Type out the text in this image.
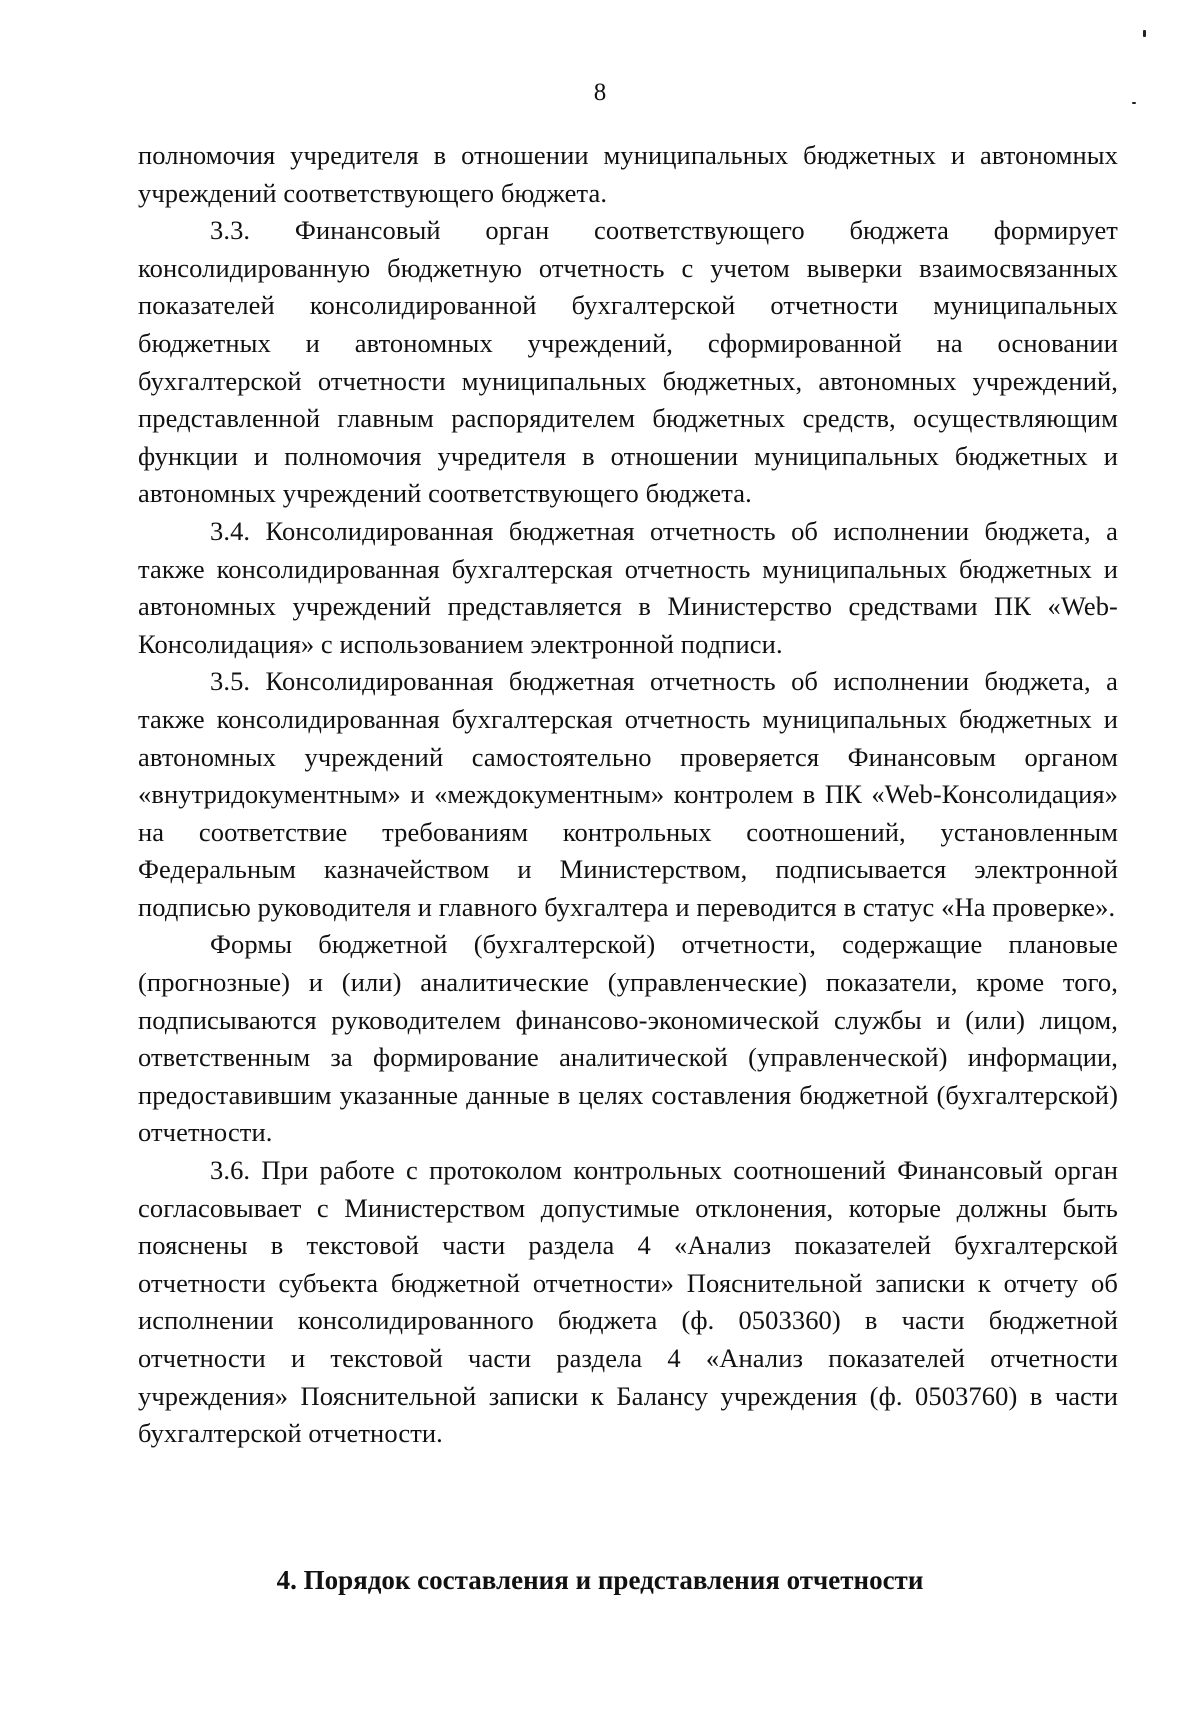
8

полномочия учредителя в отношении муниципальных бюджетных и автономных учреждений соответствующего бюджета.

3.3. Финансовый орган соответствующего бюджета формирует консолидированную бюджетную отчетность с учетом выверки взаимосвязанных показателей консолидированной бухгалтерской отчетности муниципальных бюджетных и автономных учреждений, сформированной на основании бухгалтерской отчетности муниципальных бюджетных, автономных учреждений, представленной главным распорядителем бюджетных средств, осуществляющим функции и полномочия учредителя в отношении муниципальных бюджетных и автономных учреждений соответствующего бюджета.

3.4. Консолидированная бюджетная отчетность об исполнении бюджета, а также консолидированная бухгалтерская отчетность муниципальных бюджетных и автономных учреждений представляется в Министерство средствами ПК «Web-Консолидация» с использованием электронной подписи.

3.5. Консолидированная бюджетная отчетность об исполнении бюджета, а также консолидированная бухгалтерская отчетность муниципальных бюджетных и автономных учреждений самостоятельно проверяется Финансовым органом «внутридокументным» и «междокументным» контролем в ПК «Web-Консолидация» на соответствие требованиям контрольных соотношений, установленным Федеральным казначейством и Министерством, подписывается электронной подписью руководителя и главного бухгалтера и переводится в статус «На проверке».

Формы бюджетной (бухгалтерской) отчетности, содержащие плановые (прогнозные) и (или) аналитические (управленческие) показатели, кроме того, подписываются руководителем финансово-экономической службы и (или) лицом, ответственным за формирование аналитической (управленческой) информации, предоставившим указанные данные в целях составления бюджетной (бухгалтерской) отчетности.

3.6. При работе с протоколом контрольных соотношений Финансовый орган согласовывает с Министерством допустимые отклонения, которые должны быть пояснены в текстовой части раздела 4 «Анализ показателей бухгалтерской отчетности субъекта бюджетной отчетности» Пояснительной записки к отчету об исполнении консолидированного бюджета (ф. 0503360) в части бюджетной отчетности и текстовой части раздела 4 «Анализ показателей отчетности учреждения» Пояснительной записки к Балансу учреждения (ф. 0503760) в части бухгалтерской отчетности.

4. Порядок составления и представления отчетности
